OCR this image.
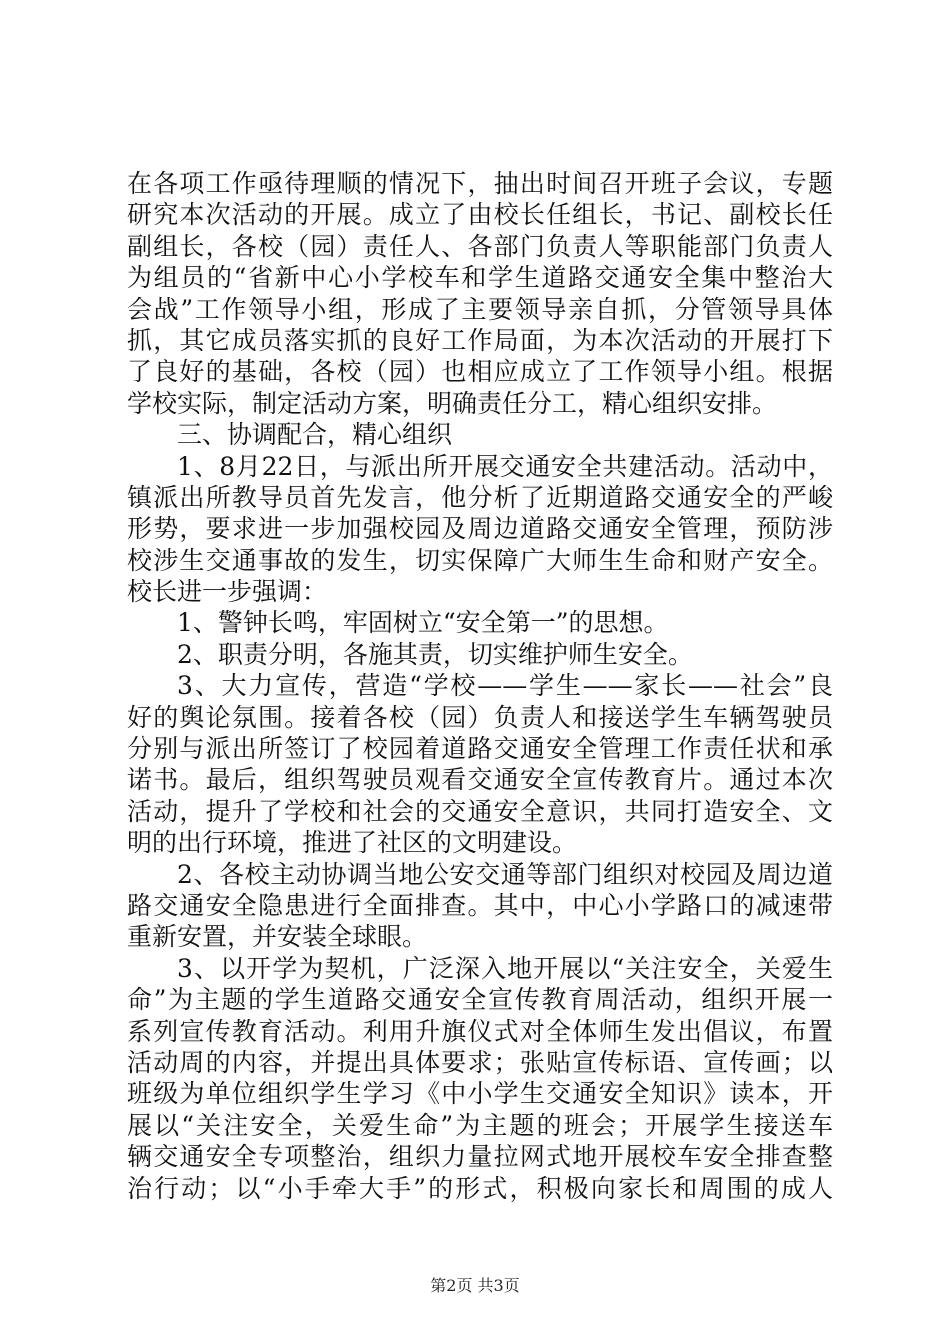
在各项工作亟待理顺的情况下，抽出时间召开班子会议，专题
研究本次活动的开展。成立了由校长任组长，书记、副校长任
副组长，各校（园）责任人、各部门负责人等职能部门负责人
为组员的“省新中心小学校车和学生道路交通安全集中整治大
会战”工作领导小组，形成了主要领导亲自抓，分管领导具体
抓，其它成员落实抓的良好工作局面，为本次活动的开展打下
了良好的基础，各校（园）也相应成立了工作领导小组。根据
学校实际，制定活动方案，明确责任分工，精心组织安排。
三、协调配合，精心组织
1、8月22日，与派出所开展交通安全共建活动。活动中，
镇派出所教导员首先发言，他分析了近期道路交通安全的严峻
形势，要求进一步加强校园及周边道路交通安全管理，预防涉
校涉生交通事故的发生，切实保障广大师生生命和财产安全。
校长进一步强调：
1、警钟长鸣，牢固树立“安全第一”的思想。
2、职责分明，各施其责，切实维护师生安全。
3、大力宣传，营造“学校——学生——家长——社会”良
好的舆论氛围。接着各校（园）负责人和接送学生车辆驾驶员
分别与派出所签订了校园着道路交通安全管理工作责任状和承
诺书。最后，组织驾驶员观看交通安全宣传教育片。通过本次
活动，提升了学校和社会的交通安全意识，共同打造安全、文
明的出行环境，推进了社区的文明建设。
2、各校主动协调当地公安交通等部门组织对校园及周边道
路交通安全隐患进行全面排查。其中，中心小学路口的减速带
重新安置，并安装全球眼。
3、以开学为契机，广泛深入地开展以“关注安全，关爱生
命”为主题的学生道路交通安全宣传教育周活动，组织开展一
系列宣传教育活动。利用升旗仪式对全体师生发出倡议，布置
活动周的内容，并提出具体要求；张贴宣传标语、宣传画；以
班级为单位组织学生学习《中小学生交通安全知识》读本，开
展以“关注安全，关爱生命”为主题的班会；开展学生接送车
辆交通安全专项整治，组织力量拉网式地开展校车安全排查整
治行动；以“小手牵大手”的形式，积极向家长和周围的成人
第2页 共3页
